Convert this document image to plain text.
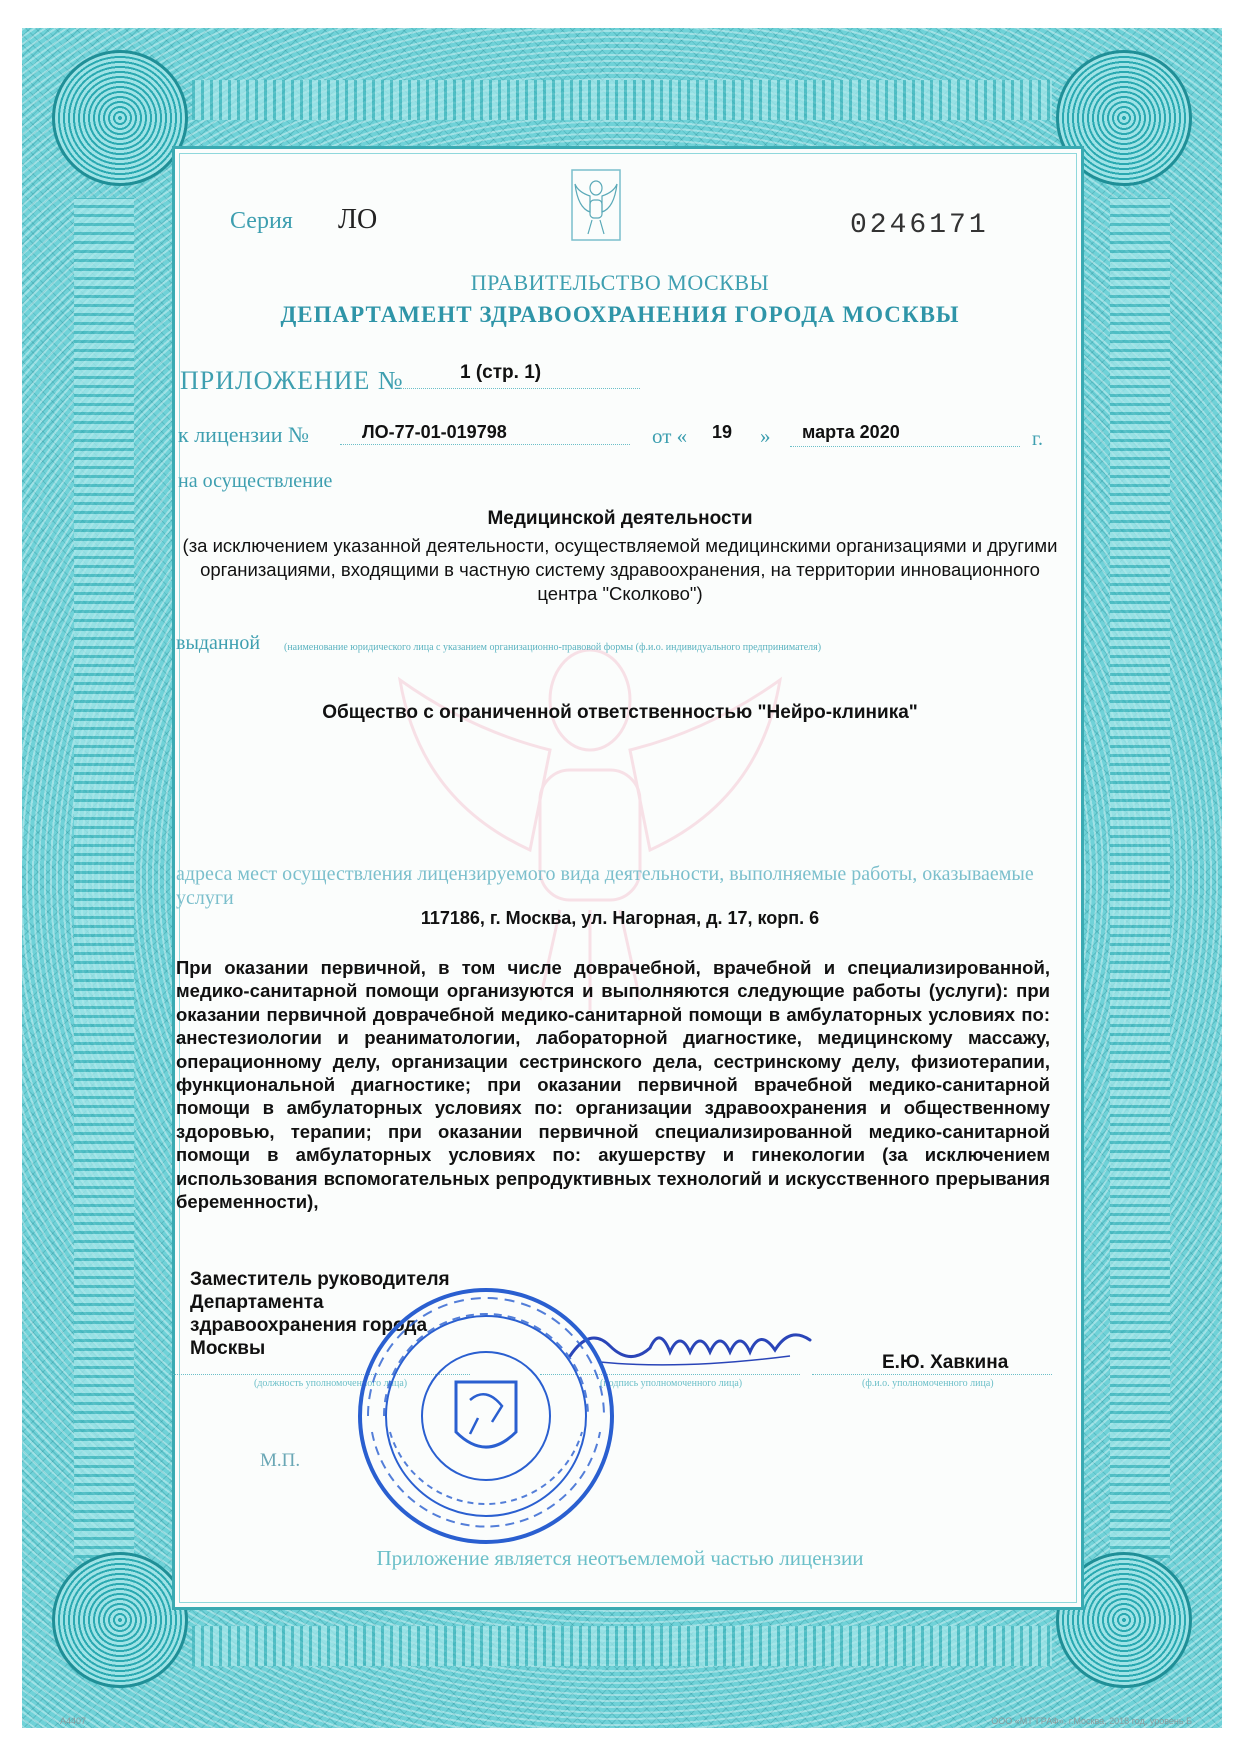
Серия ЛО	0246171
ПРАВИТЕЛЬСТВО МОСКВЫ
ДЕПАРТАМЕНТ ЗДРАВООХРАНЕНИЯ ГОРОДА МОСКВЫ
ПРИЛОЖЕНИЕ №	1 (стр. 1)
к лицензии №	ЛО-77-01-019798	от « 19 » марта 2020	г.
на осуществление
Медицинской деятельности
(за исключением указанной деятельности, осуществляемой медицинскими организациями и другими организациями, входящими в частную систему здравоохранения, на территории инновационного центра "Сколково")
выданной (наименование юридического лица с указанием организационно-правовой формы (ф.и.о. индивидуального предпринимателя)
Общество с ограниченной ответственностью "Нейро-клиника"
адреса мест осуществления лицензируемого вида деятельности, выполняемые работы, оказываемые услуги
117186, г. Москва, ул. Нагорная, д. 17, корп. 6
При оказании первичной, в том числе доврачебной, врачебной и специализированной, медико-санитарной помощи организуются и выполняются следующие работы (услуги): при оказании первичной доврачебной медико-санитарной помощи в амбулаторных условиях по: анестезиологии и реаниматологии, лабораторной диагностике, медицинскому массажу, операционному делу, организации сестринского дела, сестринскому делу, физиотерапии, функциональной диагностике; при оказании первичной врачебной медико-санитарной помощи в амбулаторных условиях по: организации здравоохранения и общественному здоровью, терапии; при оказании первичной специализированной медико-санитарной помощи в амбулаторных условиях по: акушерству и гинекологии (за исключением использования вспомогательных репродуктивных технологий и искусственного прерывания беременности),
Заместитель руководителя
Департамента
здравоохранения города
Москвы
(должность уполномоченного лица)	(подпись уполномоченного лица)	(ф.и.о. уполномоченного лица)
Е.Ю. Хавкина
М.П.
Приложение является неотъемлемой частью лицензии
А4407	ООО «МТ"ГРАФ», г.Москва, 2018 год, уровень Б
